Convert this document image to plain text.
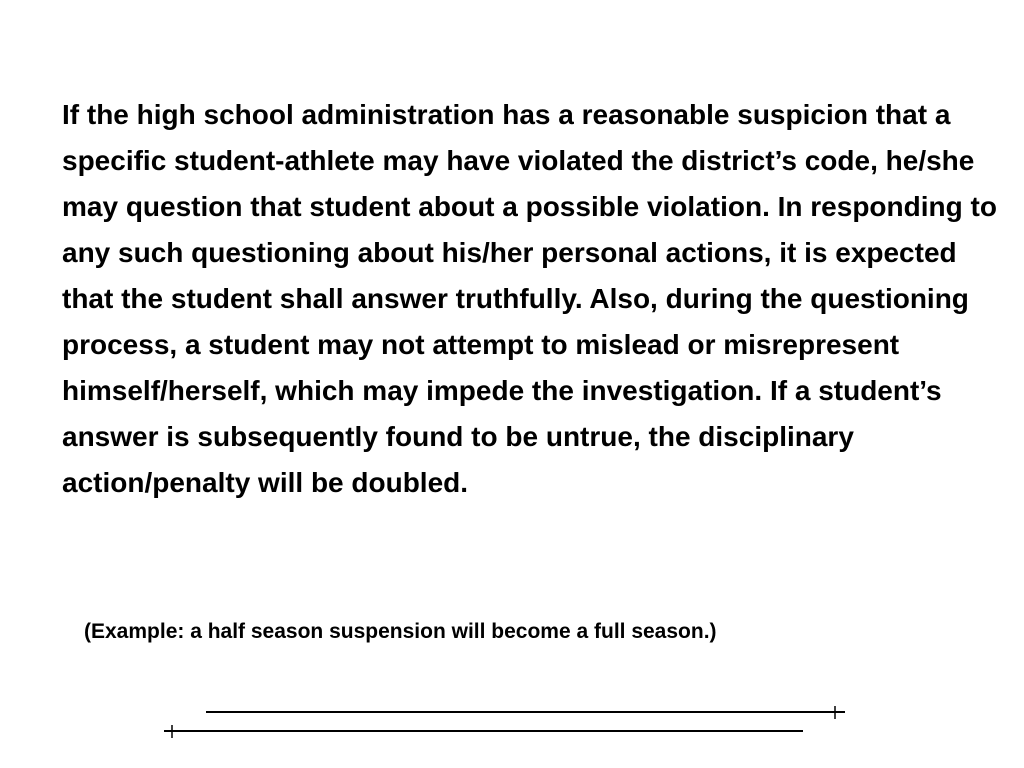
If the high school administration has a reasonable suspicion that a specific student-athlete may have violated the district’s code, he/she may question that student about a possible violation. In responding to any such questioning about his/her personal actions, it is expected that the student shall answer truthfully. Also, during the questioning process, a student may not attempt to mislead or misrepresent himself/herself, which may impede the investigation. If a student’s answer is subsequently found to be untrue, the disciplinary action/penalty will be doubled.

(Example: a half season suspension will become a full season.)
